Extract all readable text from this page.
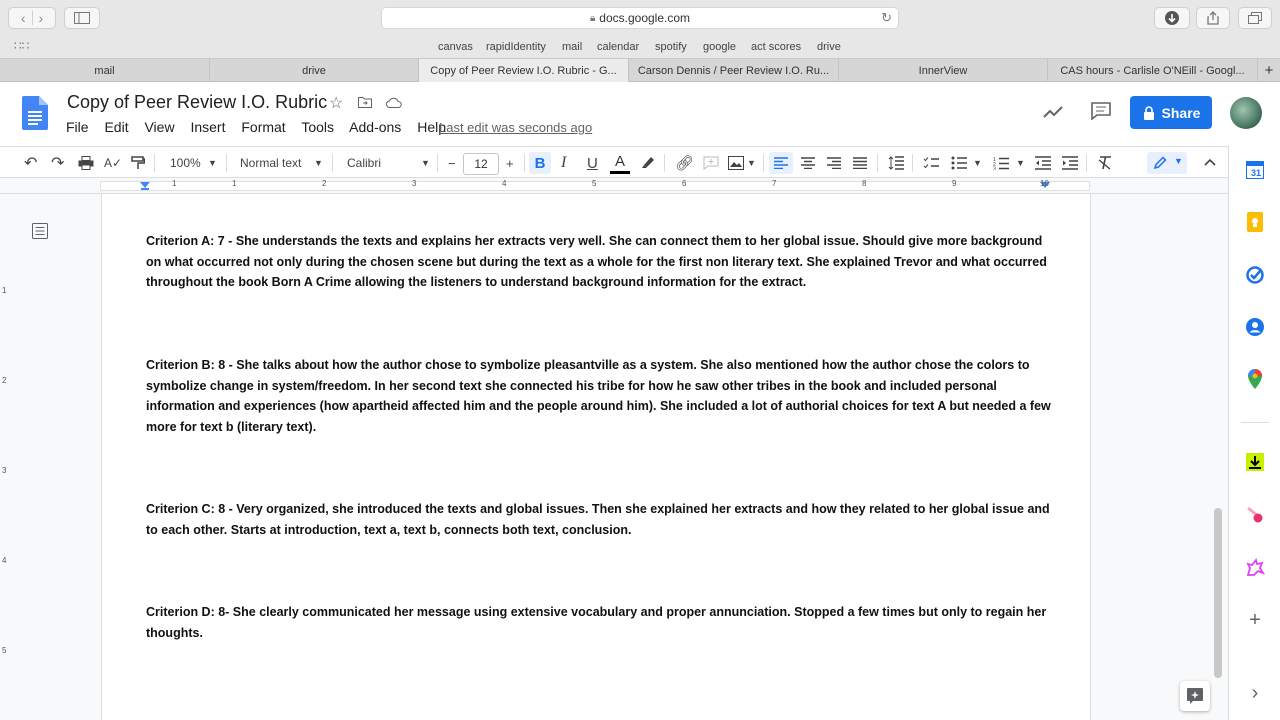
‹ ›	🔒︎ docs.google.com	↻
∷∷	canvas rapidIdentity mail calendar spotify google act scores drive
mail	drive	Copy of Peer Review I.O. Rubric - G...	Carson Dennis / Peer Review I.O. Ru...	InnerView	CAS hours - Carlisle O'NEill - Googl...	+
Copy of Peer Review I.O. Rubric ☆
File Edit View Insert Format Tools Add-ons Help
Last edit was seconds ago
Share
↶ ↷	A✓	100% ▼ Normal text ▼ Calibri	▼ −	12	+	B I U A	🔗︎	▼	▼ 1
2
3
▼	▼
1	1	2	3	4	5	6	7	8	9	10
1
2
3
4
5
Criterion A: 7 - She understands the texts and explains her extracts very well. She can connect them to her global issue. Should give more background on what occurred not only during the chosen scene but during the text as a whole for the first non literary text. She explained Trevor and what occurred throughout the book Born A Crime allowing the listeners to understand background information for the extract.
Criterion B: 8 - She talks about how the author chose to symbolize pleasantville as a system. She also mentioned how the author chose the colors to symbolize change in system/freedom. In her second text she connected his tribe for how he saw other tribes in the book and included personal information and experiences (how apartheid affected him and the people around him). She included a lot of authorial choices for text A but needed a few more for text b (literary text).
Criterion C: 8 - Very organized, she introduced the texts and global issues. Then she explained her extracts and how they related to her global issue and to each other. Starts at introduction, text a, text b, connects both text, conclusion.
Criterion D: 8- She clearly communicated her message using extensive vocabulary and proper annunciation. Stopped a few times but only to regain her thoughts.
31
+
›
